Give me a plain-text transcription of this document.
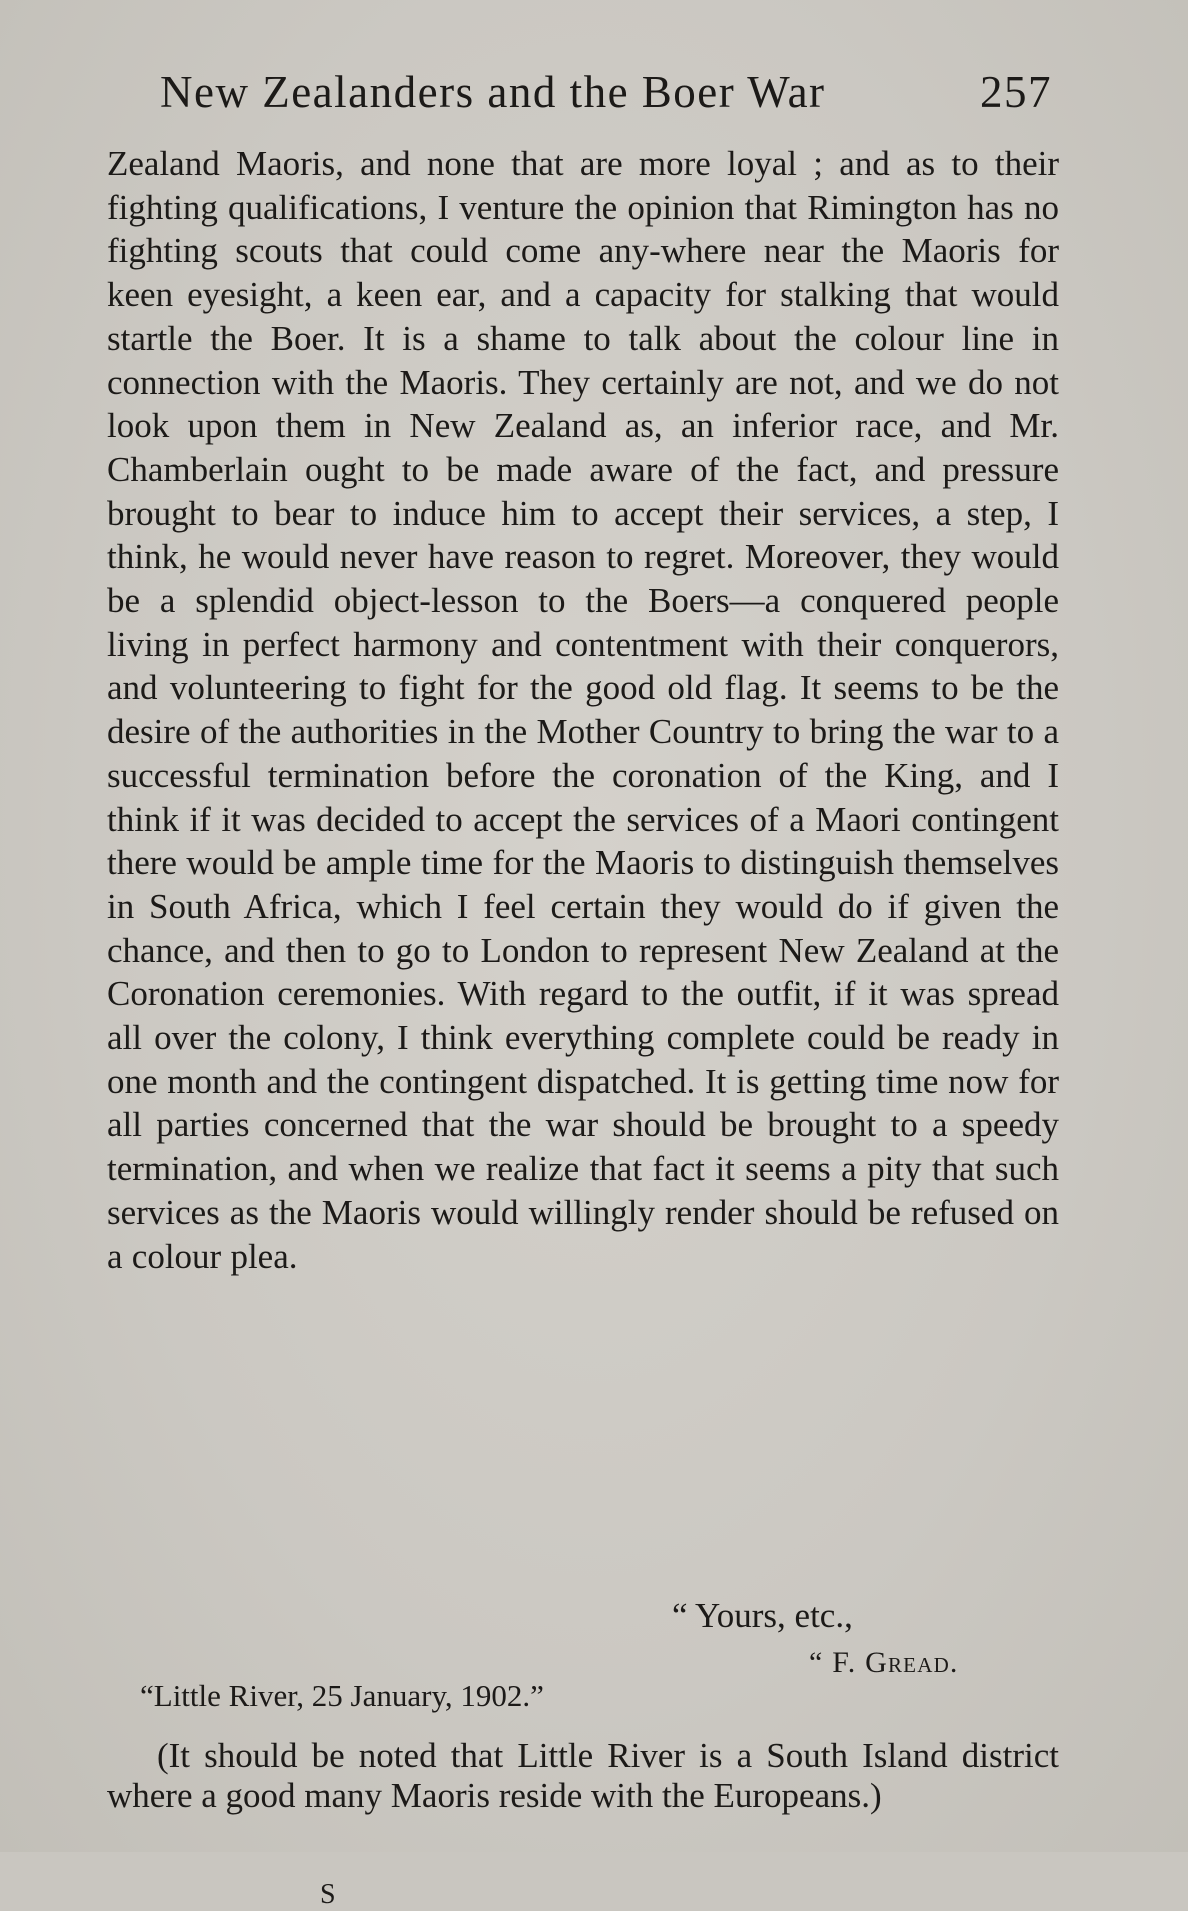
New Zealanders and the Boer War	257

Zealand Maoris, and none that are more loyal ; and as to their fighting qualifications, I venture the opinion that Rimington has no fighting scouts that could come any-where near the Maoris for keen eyesight, a keen ear, and a capacity for stalking that would startle the Boer. It is a shame to talk about the colour line in connection with the Maoris. They certainly are not, and we do not look upon them in New Zealand as, an inferior race, and Mr. Chamberlain ought to be made aware of the fact, and pressure brought to bear to induce him to accept their services, a step, I think, he would never have reason to regret. Moreover, they would be a splendid object-lesson to the Boers—a conquered people living in perfect harmony and contentment with their conquerors, and volunteering to fight for the good old flag. It seems to be the desire of the authorities in the Mother Country to bring the war to a successful termination before the coronation of the King, and I think if it was decided to accept the services of a Maori contingent there would be ample time for the Maoris to distinguish themselves in South Africa, which I feel certain they would do if given the chance, and then to go to London to represent New Zealand at the Coronation ceremonies. With regard to the outfit, if it was spread all over the colony, I think everything complete could be ready in one month and the contingent dispatched. It is getting time now for all parties concerned that the war should be brought to a speedy termination, and when we realize that fact it seems a pity that such services as the Maoris would willingly render should be refused on a colour plea.

“ Yours, etc.,
“ F. Gread.
“Little River, 25 January, 1902.”

(It should be noted that Little River is a South Island district where a good many Maoris reside with the Europeans.)

S
